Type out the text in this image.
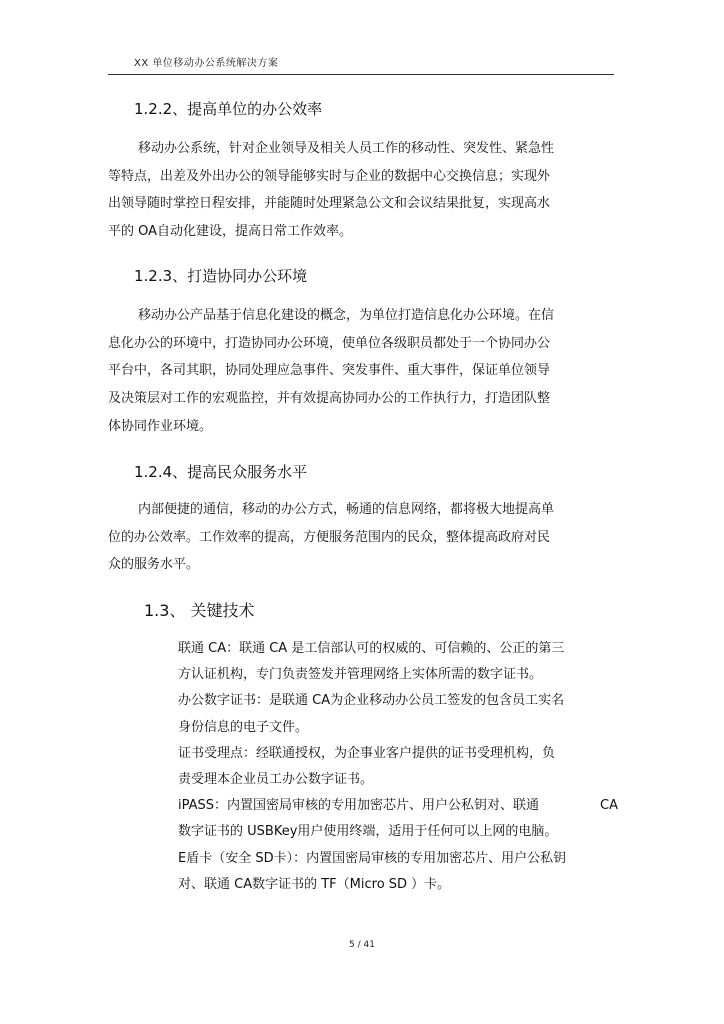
XX 单位移动办公系统解决方案
1.2.2、提高单位的办公效率
移动办公系统，针对企业领导及相关人员工作的移动性、突发性、紧急性
等特点，出差及外出办公的领导能够实时与企业的数据中心交换信息；实现外
出领导随时掌控日程安排，并能随时处理紧急公文和会议结果批复，实现高水
平的 OA自动化建设，提高日常工作效率。
1.2.3、打造协同办公环境
移动办公产品基于信息化建设的概念，为单位打造信息化办公环境。在信
息化办公的环境中，打造协同办公环境，使单位各级职员都处于一个协同办公
平台中，各司其职，协同处理应急事件、突发事件、重大事件，保证单位领导
及决策层对工作的宏观监控，并有效提高协同办公的工作执行力，打造团队整
体协同作业环境。
1.2.4、提高民众服务水平
内部便捷的通信，移动的办公方式，畅通的信息网络，都将极大地提高单
位的办公效率。工作效率的提高，方便服务范围内的民众，整体提高政府对民
众的服务水平。
1.3、 关键技术
联通 CA：联通 CA 是工信部认可的权威的、可信赖的、公正的第三
方认证机构，专门负责签发并管理网络上实体所需的数字证书。
办公数字证书：是联通 CA为企业移动办公员工签发的包含员工实名
身份信息的电子文件。
证书受理点：经联通授权，为企事业客户提供的证书受理机构，负
责受理本企业员工办公数字证书。
iPASS：内置国密局审核的专用加密芯片、用户公私钥对、联通	CA
数字证书的 USBKey用户使用终端，适用于任何可以上网的电脑。
E盾卡（安全 SD卡）：内置国密局审核的专用加密芯片、用户公私钥
对、联通 CA数字证书的 TF（Micro SD ）卡。
5 / 41
